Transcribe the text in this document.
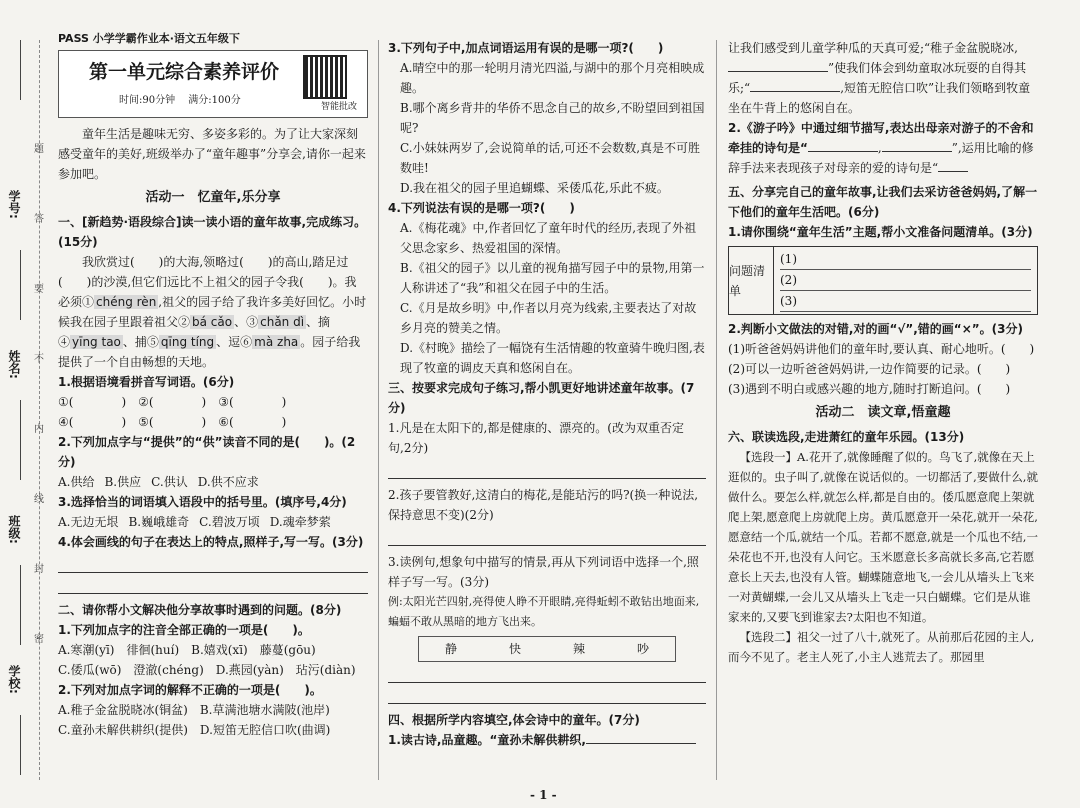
学号:
姓名:
班级:
学校:
题
答
要
不
内
线
封
密
PASS 小学学霸作业本·语文五年级下
第一单元综合素养评价
时间:90分钟　 满分:100分
智能批改

童年生活是趣味无穷、多姿多彩的。为了让大家深刻感受童年的美好,班级举办了“童年趣事”分享会,请你一起来参加吧。

活动一　忆童年,乐分享

一、[新趋势·语段综合]读一读小语的童年故事,完成练习。(15分)

我欣赏过(　　)的大海,领略过(　　)的高山,踏足过(　　)的沙漠,但它们远比不上祖父的园子令我(　　)。我必须① chéng rèn ,祖父的园子给了我许多美好回忆。小时候我在园子里跟着祖父② bá cǎo 、③ chǎn dì 、摘④ yīng tao 、捕⑤ qīng tíng 、逗⑥ mà zha 。园子给我提供了一个自由畅想的天地。

1.根据语境看拼音写词语。(6分)

①(　　　　)　②(　　　　)　③(　　　　)

④(　　　　)　⑤(　　　　)　⑥(　　　　)

2.下列加点字与“提供”的“供”读音不同的是(　　)。(2分)

A.供给 B.供应 C.供认 D.供不应求

3.选择恰当的词语填入语段中的括号里。(填序号,4分)

A.无边无垠 B.巍峨雄奇 C.碧波万顷 D.魂牵梦萦

4.体会画线的句子在表达上的特点,照样子,写一写。(3分)

二、请你帮小文解决他分享故事时遇到的问题。(8分)

1.下列加点字的注音全部正确的一项是(　　)。

A.寒潮(yī)　徘徊(huí)　B.嬉戏(xī)　藤蔓(gōu)

C.倭瓜(wō)　澄澈(chéng)　D.燕园(yàn)　玷污(diàn)

2.下列对加点字词的解释不正确的一项是(　　)。

A.稚子金盆脱晓冰(铜盆)　B.草满池塘水满陂(池岸)

C.童孙未解供耕织(提供)　D.短笛无腔信口吹(曲调)

3.下列句子中,加点词语运用有误的是哪一项?(　　)

A.晴空中的那一轮明月清光四溢,与湖中的那个月亮相映成趣。

B.哪个离乡背井的华侨不思念自己的故乡,不盼望回到祖国呢?

C.小妹妹两岁了,会说简单的话,可还不会数数,真是不可胜数哇!

D.我在祖父的园子里追蝴蝶、采倭瓜花,乐此不疲。

4.下列说法有误的是哪一项?(　　)

A.《梅花魂》中,作者回忆了童年时代的经历,表现了外祖父思念家乡、热爱祖国的深情。

B.《祖父的园子》以儿童的视角描写园子中的景物,用第一人称讲述了“我”和祖父在园子中的生活。

C.《月是故乡明》中,作者以月亮为线索,主要表达了对故乡月亮的赞美之情。

D.《村晚》描绘了一幅饶有生活情趣的牧童骑牛晚归图,表现了牧童的调皮天真和悠闲自在。

三、按要求完成句子练习,帮小凯更好地讲述童年故事。(7分)

1.凡是在太阳下的,都是健康的、漂亮的。(改为双重否定句,2分)

2.孩子要管教好,这清白的梅花,是能玷污的吗?(换一种说法,保持意思不变)(2分)

3.读例句,想象句中描写的情景,再从下列词语中选择一个,照样子写一写。(3分)

例:太阳光芒四射,亮得使人睁不开眼睛,亮得蚯蚓不敢钻出地面来,蝙蝠不敢从黑暗的地方飞出来。

静	快	辣	吵

四、根据所学内容填空,体会诗中的童年。(7分)

1.读古诗,品童趣。“童孙未解供耕织,

让我们感受到儿童学种瓜的天真可爱;“稚子金盆脱晓冰,”使我们体会到幼童取冰玩耍的自得其乐;“	,短笛无腔信口吹”让我们领略到牧童坐在牛背上的悠闲自在。

2.《游子吟》中通过细节描写,表达出母亲对游子的不舍和牵挂的诗句是“	,	”,运用比喻的修辞手法来表现孩子对母亲的爱的诗句是“

五、分享完自己的童年故事,让我们去采访爸爸妈妈,了解一下他们的童年生活吧。(6分)

1.请你围绕“童年生活”主题,帮小文准备问题清单。(3分)

问题清单
(1)
(2)
(3)

2.判断小文做法的对错,对的画“√”,错的画“×”。(3分)

(1)听爸爸妈妈讲他们的童年时,要认真、耐心地听。(　　)

(2)可以一边听爸爸妈妈讲,一边作简要的记录。(　　)

(3)遇到不明白或感兴趣的地方,随时打断追问。(　　)

活动二　读文章,悟童趣

六、联读选段,走进萧红的童年乐园。(13分)

【选段一】A.花开了,就像睡醒了似的。鸟飞了,就像在天上逛似的。虫子叫了,就像在说话似的。一切都活了,要做什么,就做什么。要怎么样,就怎么样,都是自由的。倭瓜愿意爬上架就爬上架,愿意爬上房就爬上房。黄瓜愿意开一朵花,就开一朵花,愿意结一个瓜,就结一个瓜。若都不愿意,就是一个瓜也不结,一朵花也不开,也没有人问它。玉米愿意长多高就长多高,它若愿意长上天去,也没有人管。蝴蝶随意地飞,一会儿从墙头上飞来一对黄蝴蝶,一会儿又从墙头上飞走一只白蝴蝶。它们是从谁家来的,又要飞到谁家去?太阳也不知道。

【选段二】祖父一过了八十,就死了。从前那后花园的主人,而今不见了。老主人死了,小主人逃荒去了。那园里

- 1 -
